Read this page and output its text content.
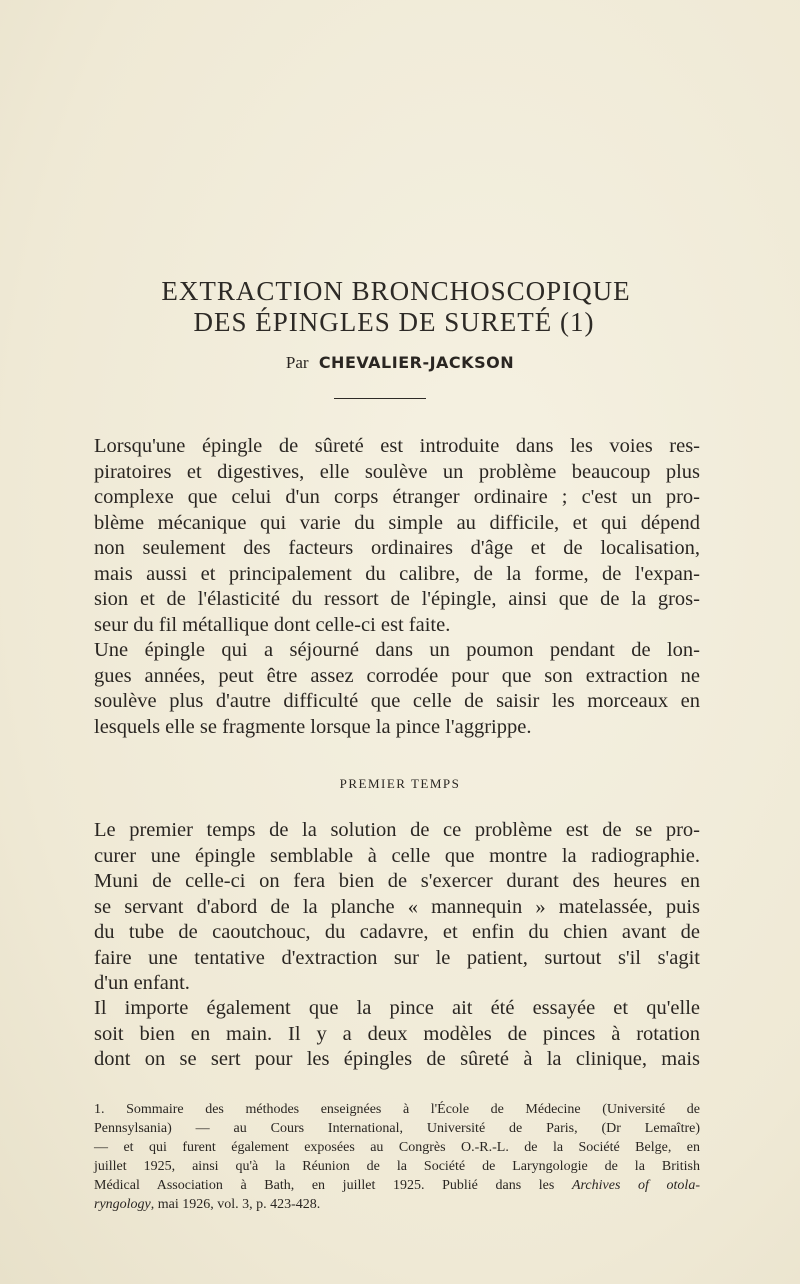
EXTRACTION BRONCHOSCOPIQUE
DES ÉPINGLES DE SURETÉ (1)
Par CHEVALIER-JACKSON
Lorsqu'une épingle de sûreté est introduite dans les voies res-
piratoires et digestives, elle soulève un problème beaucoup plus
complexe que celui d'un corps étranger ordinaire ; c'est un pro-
blème mécanique qui varie du simple au difficile, et qui dépend
non seulement des facteurs ordinaires d'âge et de localisation,
mais aussi et principalement du calibre, de la forme, de l'expan-
sion et de l'élasticité du ressort de l'épingle, ainsi que de la gros-
seur du fil métallique dont celle-ci est faite.
Une épingle qui a séjourné dans un poumon pendant de lon-
gues années, peut être assez corrodée pour que son extraction ne
soulève plus d'autre difficulté que celle de saisir les morceaux en
lesquels elle se fragmente lorsque la pince l'aggrippe.
PREMIER TEMPS
Le premier temps de la solution de ce problème est de se pro-
curer une épingle semblable à celle que montre la radiographie.
Muni de celle-ci on fera bien de s'exercer durant des heures en
se servant d'abord de la planche « mannequin » matelassée, puis
du tube de caoutchouc, du cadavre, et enfin du chien avant de
faire une tentative d'extraction sur le patient, surtout s'il s'agit
d'un enfant.
Il importe également que la pince ait été essayée et qu'elle
soit bien en main. Il y a deux modèles de pinces à rotation
dont on se sert pour les épingles de sûreté à la clinique, mais
1. Sommaire des méthodes enseignées à l'École de Médecine (Université de
Pennsylsania) — au Cours International, Université de Paris, (Dr Lemaître)
— et qui furent également exposées au Congrès O.-R.-L. de la Société Belge, en
juillet 1925, ainsi qu'à la Réunion de la Société de Laryngologie de la British
Médical Association à Bath, en juillet 1925. Publié dans les Archives of otola-
ryngology, mai 1926, vol. 3, p. 423-428.
